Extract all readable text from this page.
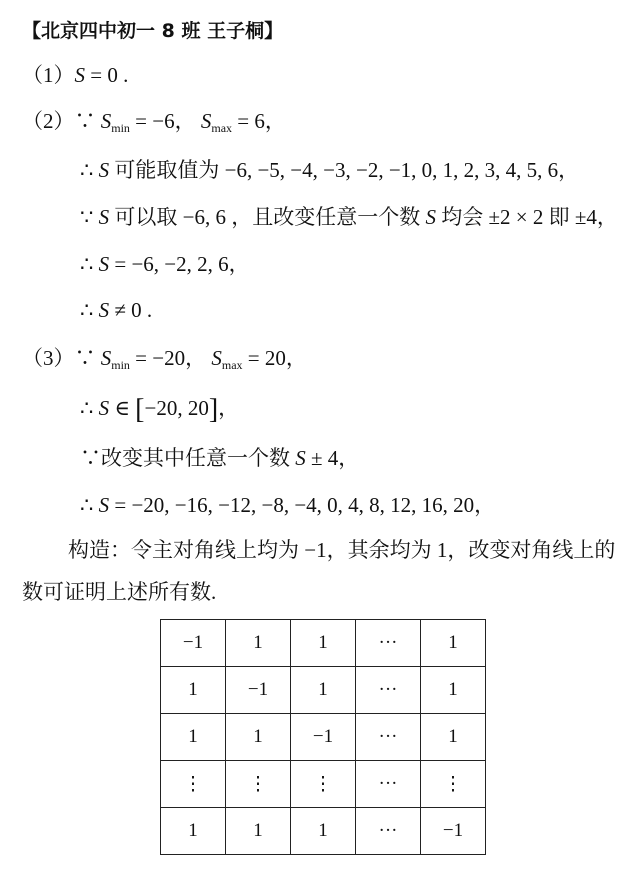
【北京四中初一 8 班 王子桐】
（1）S = 0 .
（2）∵ $S_{min} = -6$， $S_{max} = 6$，
∴ S 可能取值为 −6, −5, −4, −3, −2, −1, 0, 1, 2, 3, 4, 5, 6，
∵ S 可以取 −6, 6 ，且改变任意一个数 S 均会 ±2 × 2 即 ±4，
∴ S = −6, −2, 2, 6，
∴ S ≠ 0 .
（3）∵ $S_{min} = -20$， $S_{max} = 20$，
∴ S ∈ [−20, 20]，
∵改变其中任意一个数 S ± 4，
∴ S = −20, −16, −12, −8, −4, 0, 4, 8, 12, 16, 20，
构造：令主对角线上均为 −1，其余均为 1，改变对角线上的
数可证明上述所有数.
−1	1	1	···	1
1	−1	1	···	1
1	1	−1	···	1
⋮	⋮	⋮	···	⋮
1	1	1	···	−1
